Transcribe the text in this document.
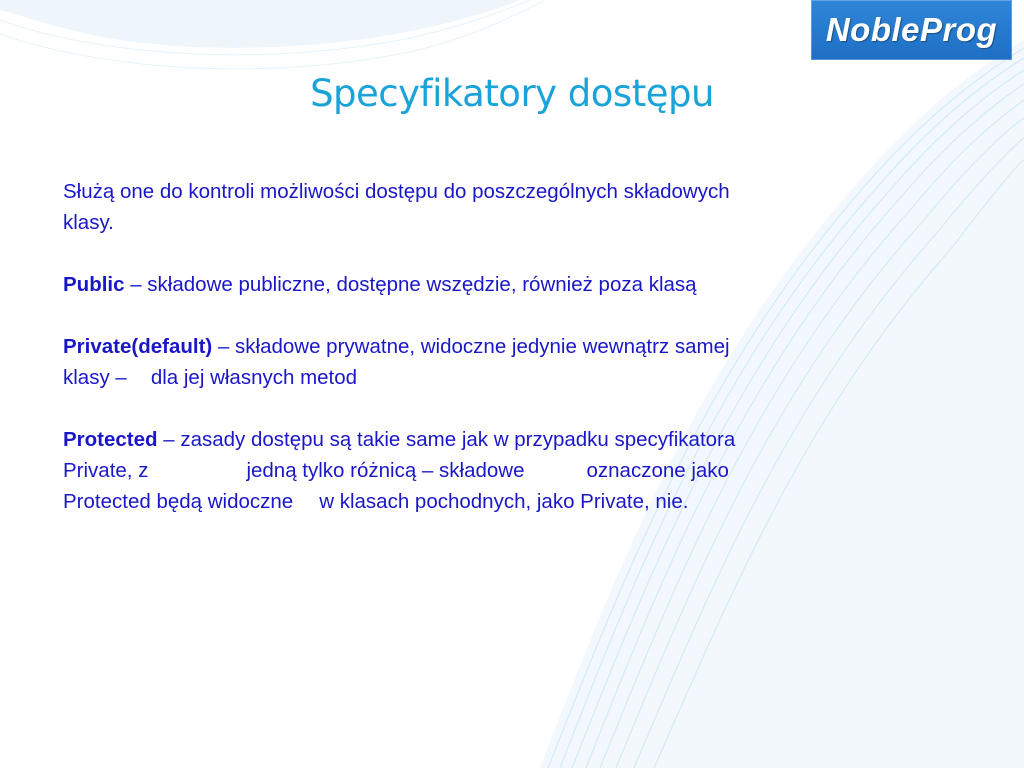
NobleProg
Specyfikatory dostępu

Służą one do kontroli możliwości dostępu do poszczególnych składowych
klasy.

Public – składowe publiczne, dostępne wszędzie, również poza klasą

Private(default) – składowe prywatne, widoczne jedynie wewnątrz samej
klasy – dla jej własnych metod

Protected – zasady dostępu są takie same jak w przypadku specyfikatora
Private, z	jedną tylko różnicą – składowe	oznaczone jako
Protected będą widoczne w klasach pochodnych, jako Private, nie.
